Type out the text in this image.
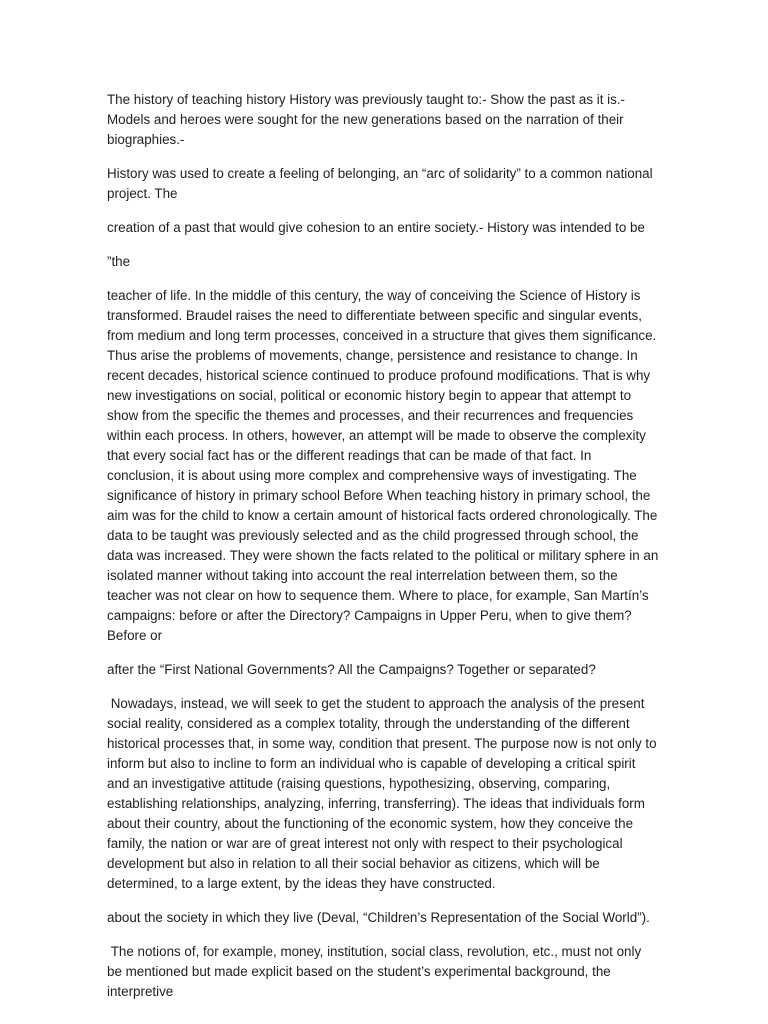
The history of teaching history History was previously taught to:- Show the past as it is.- Models and heroes were sought for the new generations based on the narration of their biographies.-

History was used to create a feeling of belonging, an “arc of solidarity” to a common national project. The

creation of a past that would give cohesion to an entire society.- History was intended to be

”the

teacher of life. In the middle of this century, the way of conceiving the Science of History is transformed. Braudel raises the need to differentiate between specific and singular events, from medium and long term processes, conceived in a structure that gives them significance. Thus arise the problems of movements, change, persistence and resistance to change. In recent decades, historical science continued to produce profound modifications. That is why new investigations on social, political or economic history begin to appear that attempt to show from the specific the themes and processes, and their recurrences and frequencies within each process. In others, however, an attempt will be made to observe the complexity that every social fact has or the different readings that can be made of that fact. In conclusion, it is about using more complex and comprehensive ways of investigating. The significance of history in primary school Before When teaching history in primary school, the aim was for the child to know a certain amount of historical facts ordered chronologically. The data to be taught was previously selected and as the child progressed through school, the data was increased. They were shown the facts related to the political or military sphere in an isolated manner without taking into account the real interrelation between them, so the teacher was not clear on how to sequence them. Where to place, for example, San Martín’s campaigns: before or after the Directory? Campaigns in Upper Peru, when to give them? Before or

after the “First National Governments? All the Campaigns? Together or separated?

Nowadays, instead, we will seek to get the student to approach the analysis of the present social reality, considered as a complex totality, through the understanding of the different historical processes that, in some way, condition that present. The purpose now is not only to inform but also to incline to form an individual who is capable of developing a critical spirit and an investigative attitude (raising questions, hypothesizing, observing, comparing, establishing relationships, analyzing, inferring, transferring). The ideas that individuals form about their country, about the functioning of the economic system, how they conceive the family, the nation or war are of great interest not only with respect to their psychological development but also in relation to all their social behavior as citizens, which will be determined, to a large extent, by the ideas they have constructed.

about the society in which they live (Deval, “Children’s Representation of the Social World”).

The notions of, for example, money, institution, social class, revolution, etc., must not only be mentioned but made explicit based on the student’s experimental background, the interpretive
